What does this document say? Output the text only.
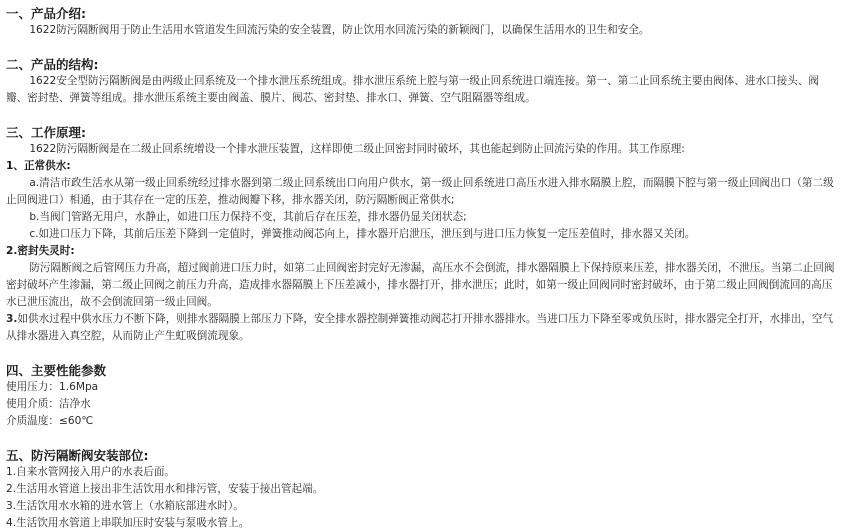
一、产品介绍:

1622防污隔断阀用于防止生活用水管道发生回流污染的安全装置，防止饮用水回流污染的新颖阀门，以确保生活用水的卫生和安全。

二、产品的结构:

1622安全型防污隔断阀是由两级止回系统及一个排水泄压系统组成。排水泄压系统上腔与第一级止回系统进口端连接。第一、第二止回系统主要由阀体、进水口接头、阀瓣、密封垫、弹簧等组成。排水泄压系统主要由阀盖、膜片、阀芯、密封垫、排水口、弹簧、空气阻隔器等组成。

三、工作原理:

1622防污隔断阀是在二级止回系统增设一个排水泄压装置，这样即使二级止回密封同时破坏，其也能起到防止回流污染的作用。其工作原理:

1、正常供水:

a.清洁市政生活水从第一级止回系统经过排水器到第二级止回系统出口向用户供水，第一级止回系统进口高压水进入排水隔膜上腔，而隔膜下腔与第一级止回阀出口（第二级止回阀进口）相通，由于其存在一定的压差，推动阀瓣下移，排水器关闭，防污隔断阀正常供水;

b.当阀门管路无用户，水静止，如进口压力保持不变，其前后存在压差，排水器仍显关闭状态;

c.如进口压力下降，其前后压差下降到一定值时，弹簧推动阀芯向上，排水器开启泄压，泄压到与进口压力恢复一定压差值时，排水器又关闭。

2.密封失灵时:

防污隔断阀之后管网压力升高，超过阀前进口压力时，如第二止回阀密封完好无渗漏，高压水不会倒流，排水器隔膜上下保持原来压差，排水器关闭，不泄压。当第二止回阀密封破坏产生渗漏，第二级止回阀之前压力升高，造成排水器隔膜上下压差减小，排水器打开，排水泄压；此时，如第一级止回阀同时密封破坏，由于第二级止回阀倒流回的高压水已泄压流出，故不会倒流回第一级止回阀。

3.如供水过程中供水压力不断下降，则排水器隔膜上部压力下降，安全排水器控制弹簧推动阀芯打开排水器排水。当进口压力下降至零或负压时，排水器完全打开，水排出，空气从排水器进入真空腔，从而防止产生虹吸倒流现象。

四、主要性能参数

使用压力：1.6Mpa

使用介质：洁净水

介质温度：≤60℃

五、防污隔断阀安装部位:

1.自来水管网接入用户的水表后面。

2.生活用水管道上接出非生活饮用水和排污管，安装于接出管起端。

3.生活饮用水水箱的进水管上（水箱底部进水时）。

4.生活饮用水管道上串联加压时安装与泵吸水管上。
